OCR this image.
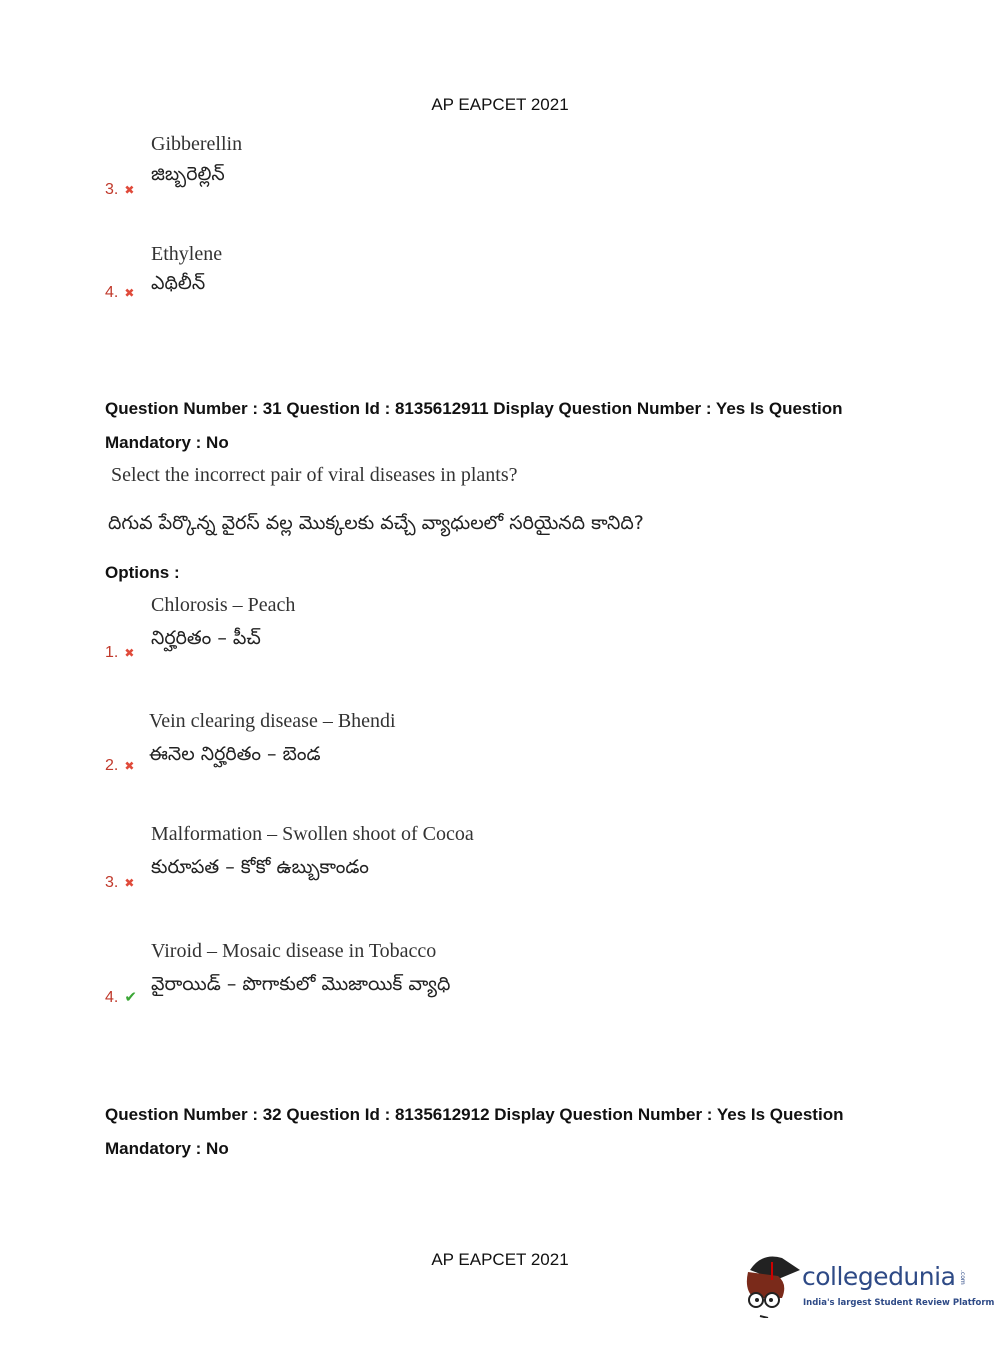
AP EAPCET 2021
Gibberellin
జిబ్బరెల్లిన్
3. ✖
Ethylene
ఎథిలీన్
4. ✖
Question Number : 31 Question Id : 8135612911 Display Question Number : Yes Is Question
Mandatory : No
Select the incorrect pair of viral diseases in plants?
దిగువ పేర్కొన్న వైరస్ వల్ల మొక్కలకు వచ్చే వ్యాధులలో సరియైనది కానిది?
Options :
Chlorosis – Peach
నిర్హరితం – పీచ్
1. ✖
Vein clearing disease – Bhendi
ఈనెల నిర్హరితం – బెండ
2. ✖
Malformation – Swollen shoot of Cocoa
కురూపత – కోకో ఉబ్బుకాండం
3. ✖
Viroid – Mosaic disease in Tobacco
వైరాయిడ్ – పొగాకులో మొజాయిక్ వ్యాధి
4. ✔
Question Number : 32 Question Id : 8135612912 Display Question Number : Yes Is Question
Mandatory : No
AP EAPCET 2021
collegedunia .com
India's largest Student Review Platform
